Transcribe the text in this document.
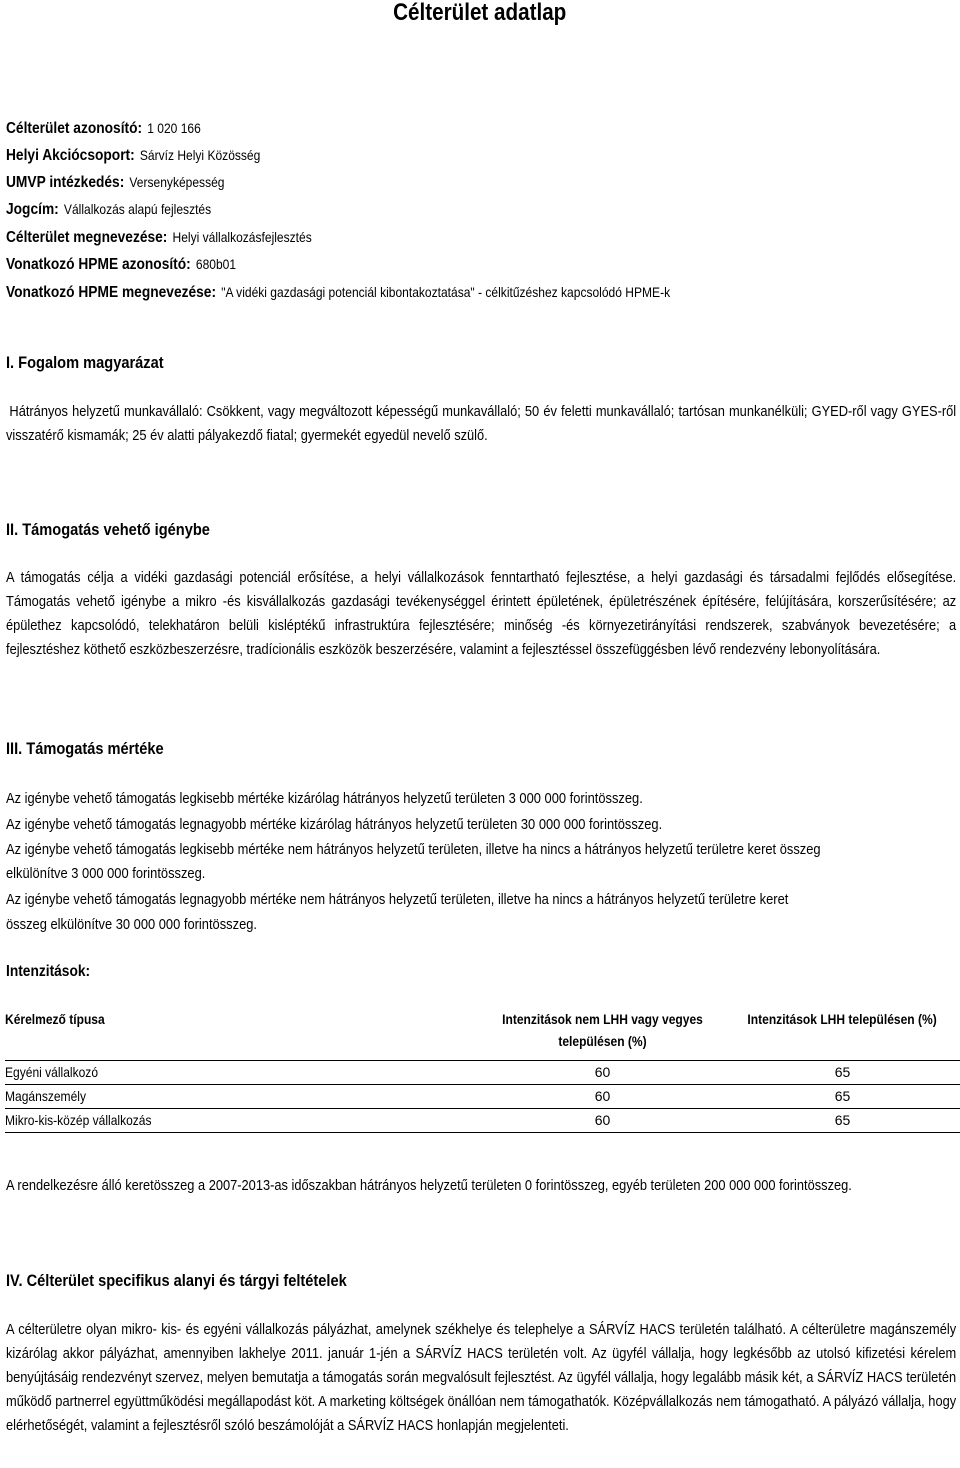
Célterület adatlap
Célterület azonosító: 1 020 166
Helyi Akciócsoport: Sárvíz Helyi Közösség
UMVP intézkedés: Versenyképesség
Jogcím: Vállalkozás alapú fejlesztés
Célterület megnevezése: Helyi vállalkozásfejlesztés
Vonatkozó HPME azonosító: 680b01
Vonatkozó HPME megnevezése: "A vidéki gazdasági potenciál kibontakoztatása" - célkitűzéshez kapcsolódó HPME-k
I. Fogalom magyarázat
Hátrányos helyzetű munkavállaló: Csökkent, vagy megváltozott képességű munkavállaló; 50 év feletti munkavállaló; tartósan munkanélküli; GYED-ről vagy GYES-ről visszatérő kismamák; 25 év alatti pályakezdő fiatal; gyermekét egyedül nevelő szülő.
II. Támogatás vehető igénybe
A támogatás célja a vidéki gazdasági potenciál erősítése, a helyi vállalkozások fenntartható fejlesztése, a helyi gazdasági és társadalmi fejlődés elősegítése. Támogatás vehető igénybe a mikro -és kisvállalkozás gazdasági tevékenységgel érintett épületének, épületrészének építésére, felújítására, korszerűsítésére; az épülethez kapcsolódó, telekhatáron belüli kisléptékű infrastruktúra fejlesztésére; minőség -és környezetirányítási rendszerek, szabványok bevezetésére; a fejlesztéshez köthető eszközbeszerzésre, tradícionális eszközök beszerzésére, valamint a fejlesztéssel összefüggésben lévő rendezvény lebonyolítására.
III. Támogatás mértéke
Az igénybe vehető támogatás legkisebb mértéke kizárólag hátrányos helyzetű területen 3 000 000 forintösszeg.
Az igénybe vehető támogatás legnagyobb mértéke kizárólag hátrányos helyzetű területen 30 000 000 forintösszeg.
Az igénybe vehető támogatás legkisebb mértéke nem hátrányos helyzetű területen, illetve ha nincs a hátrányos helyzetű területre keret összeg
elkülönítve 3 000 000 forintösszeg.
Az igénybe vehető támogatás legnagyobb mértéke nem hátrányos helyzetű területen, illetve ha nincs a hátrányos helyzetű területre keret
összeg elkülönítve 30 000 000 forintösszeg.
Intenzitások:
Kérelmező típusa	Intenzitások nem LHH vagy vegyes településen (%)	Intenzitások LHH településen (%)
Egyéni vállalkozó	60	65
Magánszemély	60	65
Mikro-kis-közép vállalkozás	60	65
A rendelkezésre álló keretösszeg a 2007-2013-as időszakban hátrányos helyzetű területen 0 forintösszeg, egyéb területen 200 000 000 forintösszeg.
IV. Célterület specifikus alanyi és tárgyi feltételek
A célterületre olyan mikro- kis- és egyéni vállalkozás pályázhat, amelynek székhelye és telephelye a SÁRVÍZ HACS területén található. A célterületre magánszemély kizárólag akkor pályázhat, amennyiben lakhelye 2011. január 1-jén a SÁRVÍZ HACS területén volt. Az ügyfél vállalja, hogy legkésőbb az utolsó kifizetési kérelem benyújtásáig rendezvényt szervez, melyen bemutatja a támogatás során megvalósult fejlesztést. Az ügyfél vállalja, hogy legalább másik két, a SÁRVÍZ HACS területén működő partnerrel együttműködési megállapodást köt. A marketing költségek önállóan nem támogathatók. Középvállalkozás nem támogatható. A pályázó vállalja, hogy elérhetőségét, valamint a fejlesztésről szóló beszámolóját a SÁRVÍZ HACS honlapján megjelenteti.
